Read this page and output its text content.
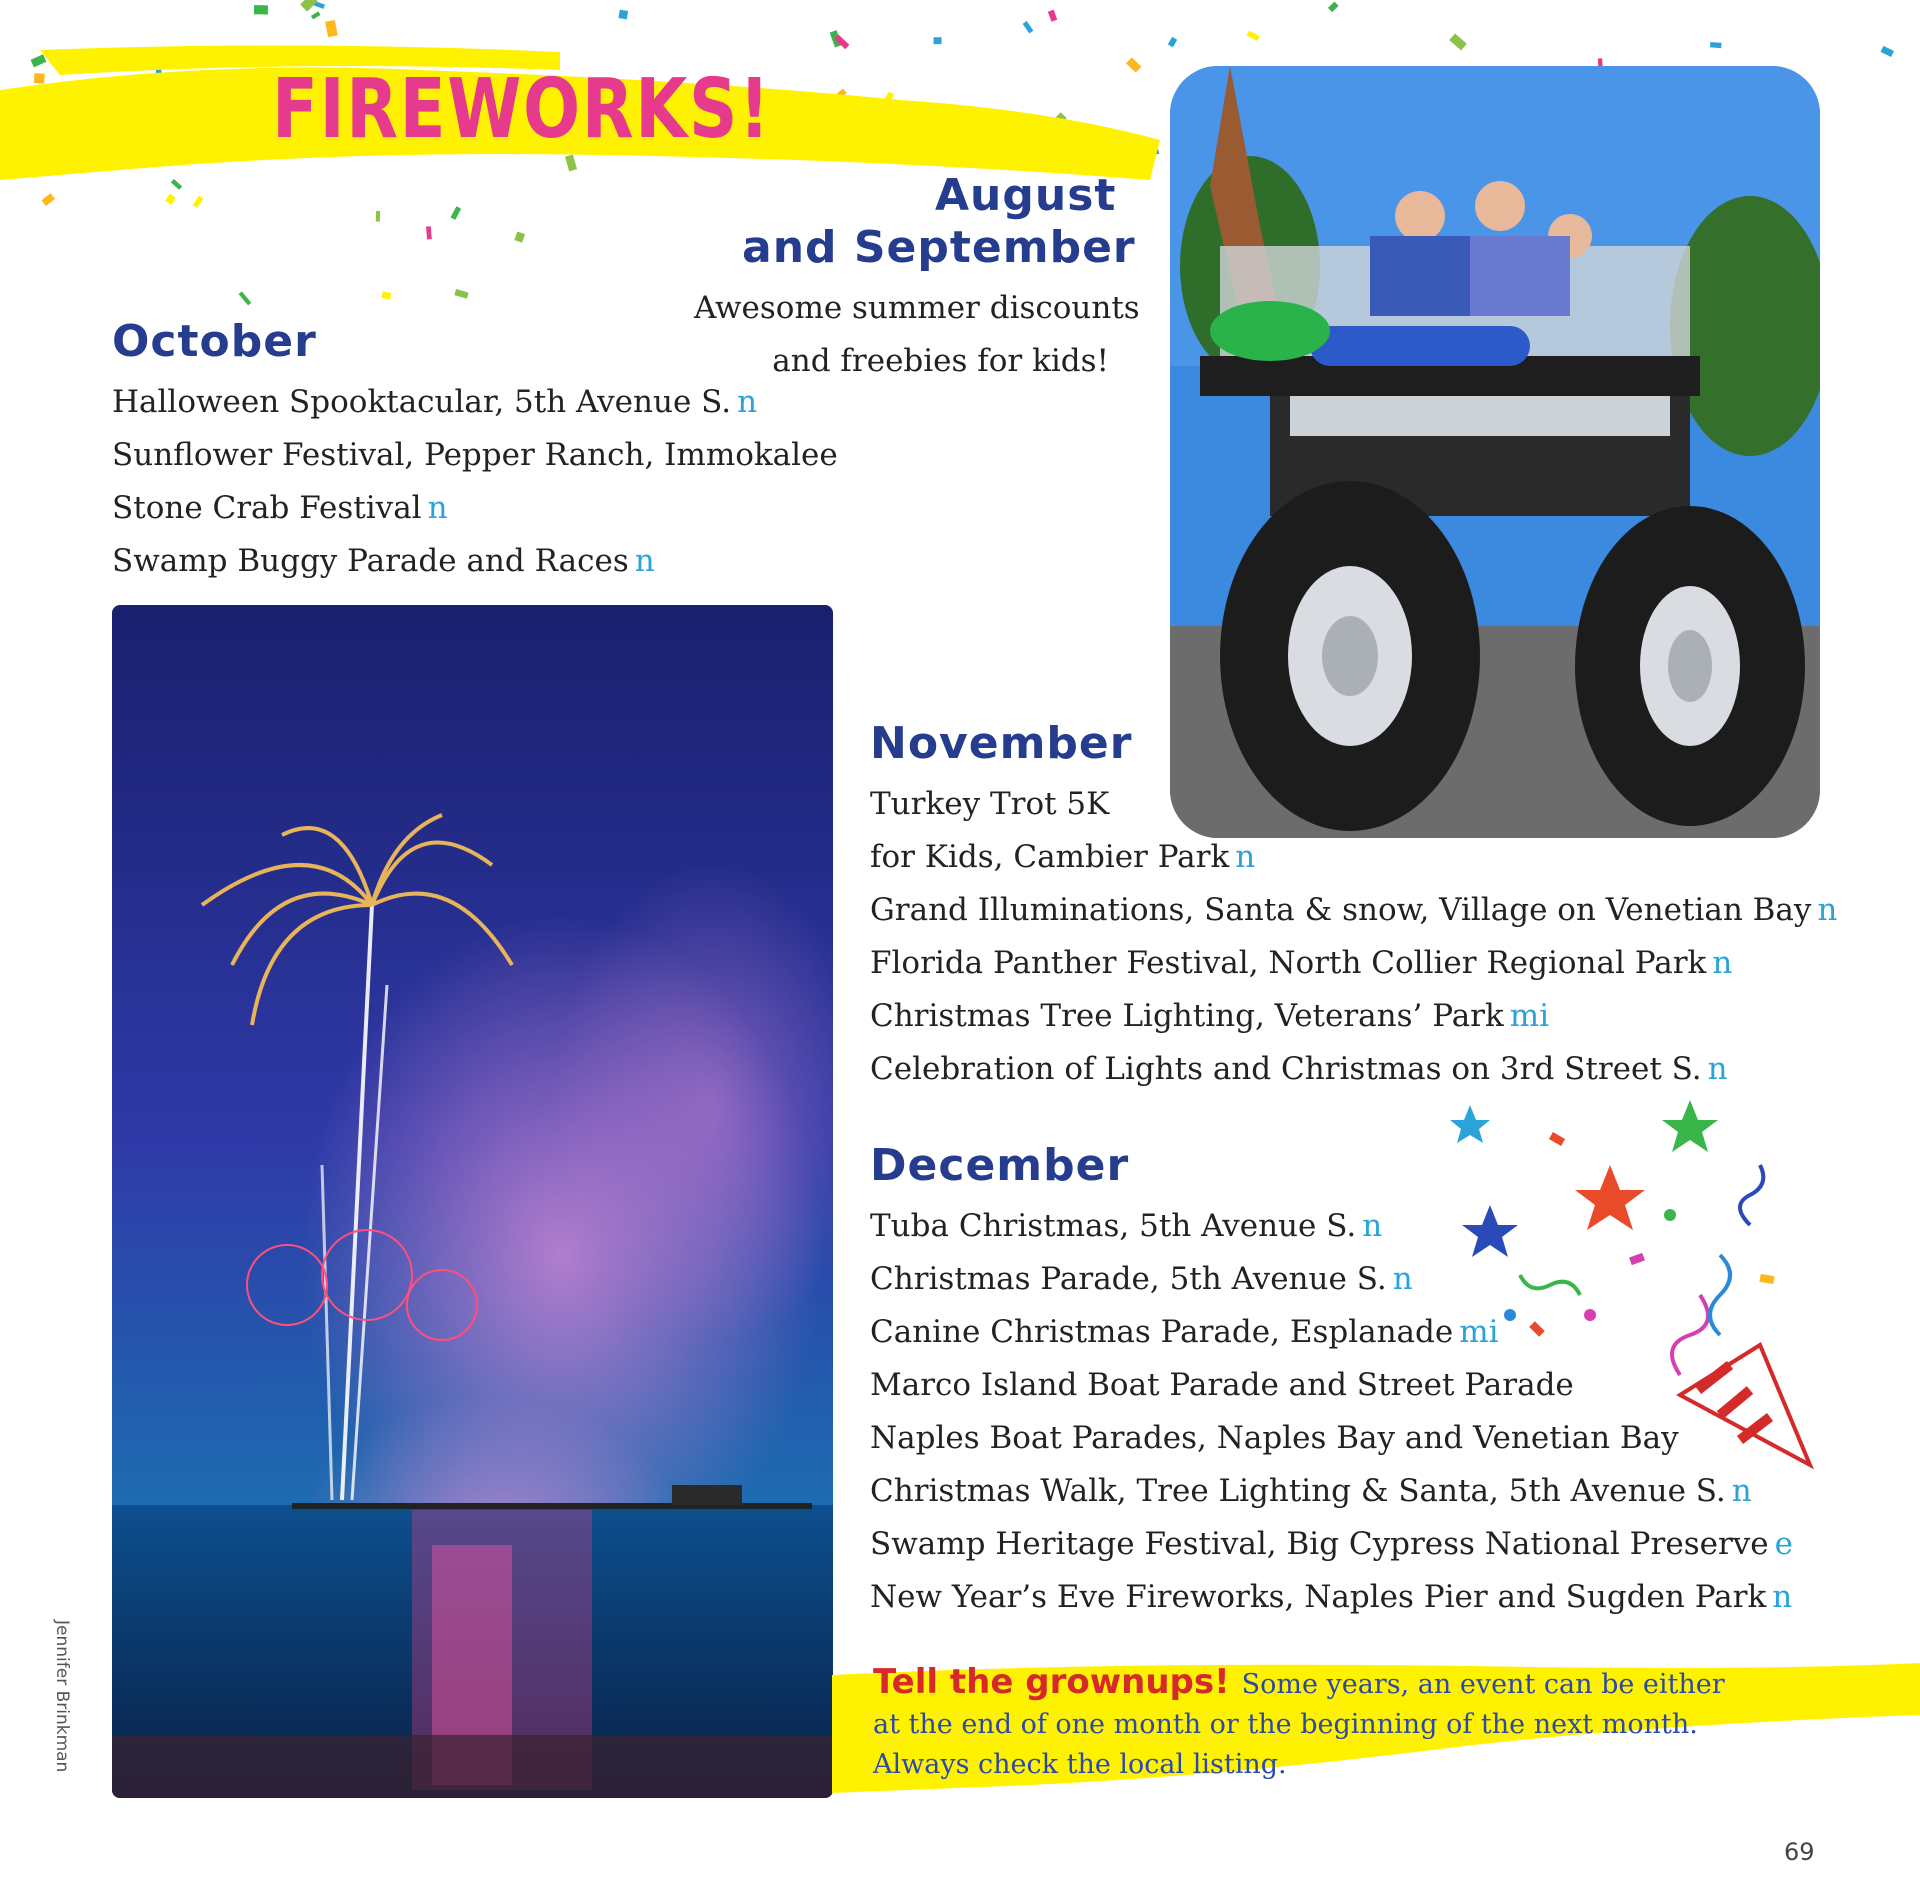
FIREWORKS!
August
and September
Awesome summer discounts
and freebies for kids!
October
Halloween Spooktacular, 5th Avenue S. n
Sunflower Festival, Pepper Ranch, Immokalee
Stone Crab Festival n
Swamp Buggy Parade and Races n
Jennifer Brinkman
November
Turkey Trot 5K
for Kids, Cambier Park n
Grand Illuminations, Santa & snow, Village on Venetian Bay n
Florida Panther Festival, North Collier Regional Park n
Christmas Tree Lighting, Veterans’ Park mi
Celebration of Lights and Christmas on 3rd Street S. n
December
Tuba Christmas, 5th Avenue S. n
Christmas Parade, 5th Avenue S. n
Canine Christmas Parade, Esplanade mi
Marco Island Boat Parade and Street Parade
Naples Boat Parades, Naples Bay and Venetian Bay
Christmas Walk, Tree Lighting & Santa, 5th Avenue S. n
Swamp Heritage Festival, Big Cypress National Preserve e
New Year’s Eve Fireworks, Naples Pier and Sugden Park n
Tell the grownups! Some years, an event can be either
at the end of one month or the beginning of the next month.
Always check the local listing.
69
